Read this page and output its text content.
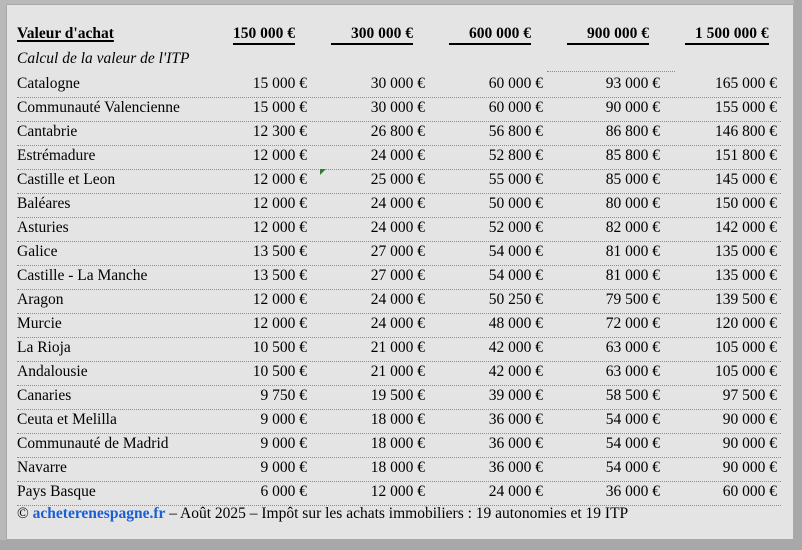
Valeur d'achat	150 000 €	300 000 €	600 000 €	900 000 €	1 500 000 €
Calcul de la valeur de l'ITP
Catalogne	15 000 €	30 000 €	60 000 €	93 000 €	165 000 €
Communauté Valencienne	15 000 €	30 000 €	60 000 €	90 000 €	155 000 €
Cantabrie	12 300 €	26 800 €	56 800 €	86 800 €	146 800 €
Estrémadure	12 000 €	24 000 €	52 800 €	85 800 €	151 800 €
Castille et Leon	12 000 €	25 000 €	55 000 €	85 000 €	145 000 €
Baléares	12 000 €	24 000 €	50 000 €	80 000 €	150 000 €
Asturies	12 000 €	24 000 €	52 000 €	82 000 €	142 000 €
Galice	13 500 €	27 000 €	54 000 €	81 000 €	135 000 €
Castille - La Manche	13 500 €	27 000 €	54 000 €	81 000 €	135 000 €
Aragon	12 000 €	24 000 €	50 250 €	79 500 €	139 500 €
Murcie	12 000 €	24 000 €	48 000 €	72 000 €	120 000 €
La Rioja	10 500 €	21 000 €	42 000 €	63 000 €	105 000 €
Andalousie	10 500 €	21 000 €	42 000 €	63 000 €	105 000 €
Canaries	9 750 €	19 500 €	39 000 €	58 500 €	97 500 €
Ceuta et Melilla	9 000 €	18 000 €	36 000 €	54 000 €	90 000 €
Communauté de Madrid	9 000 €	18 000 €	36 000 €	54 000 €	90 000 €
Navarre	9 000 €	18 000 €	36 000 €	54 000 €	90 000 €
Pays Basque	6 000 €	12 000 €	24 000 €	36 000 €	60 000 €
© acheterenespagne.fr – Août 2025 – Impôt sur les achats immobiliers : 19 autonomies et 19 ITP
